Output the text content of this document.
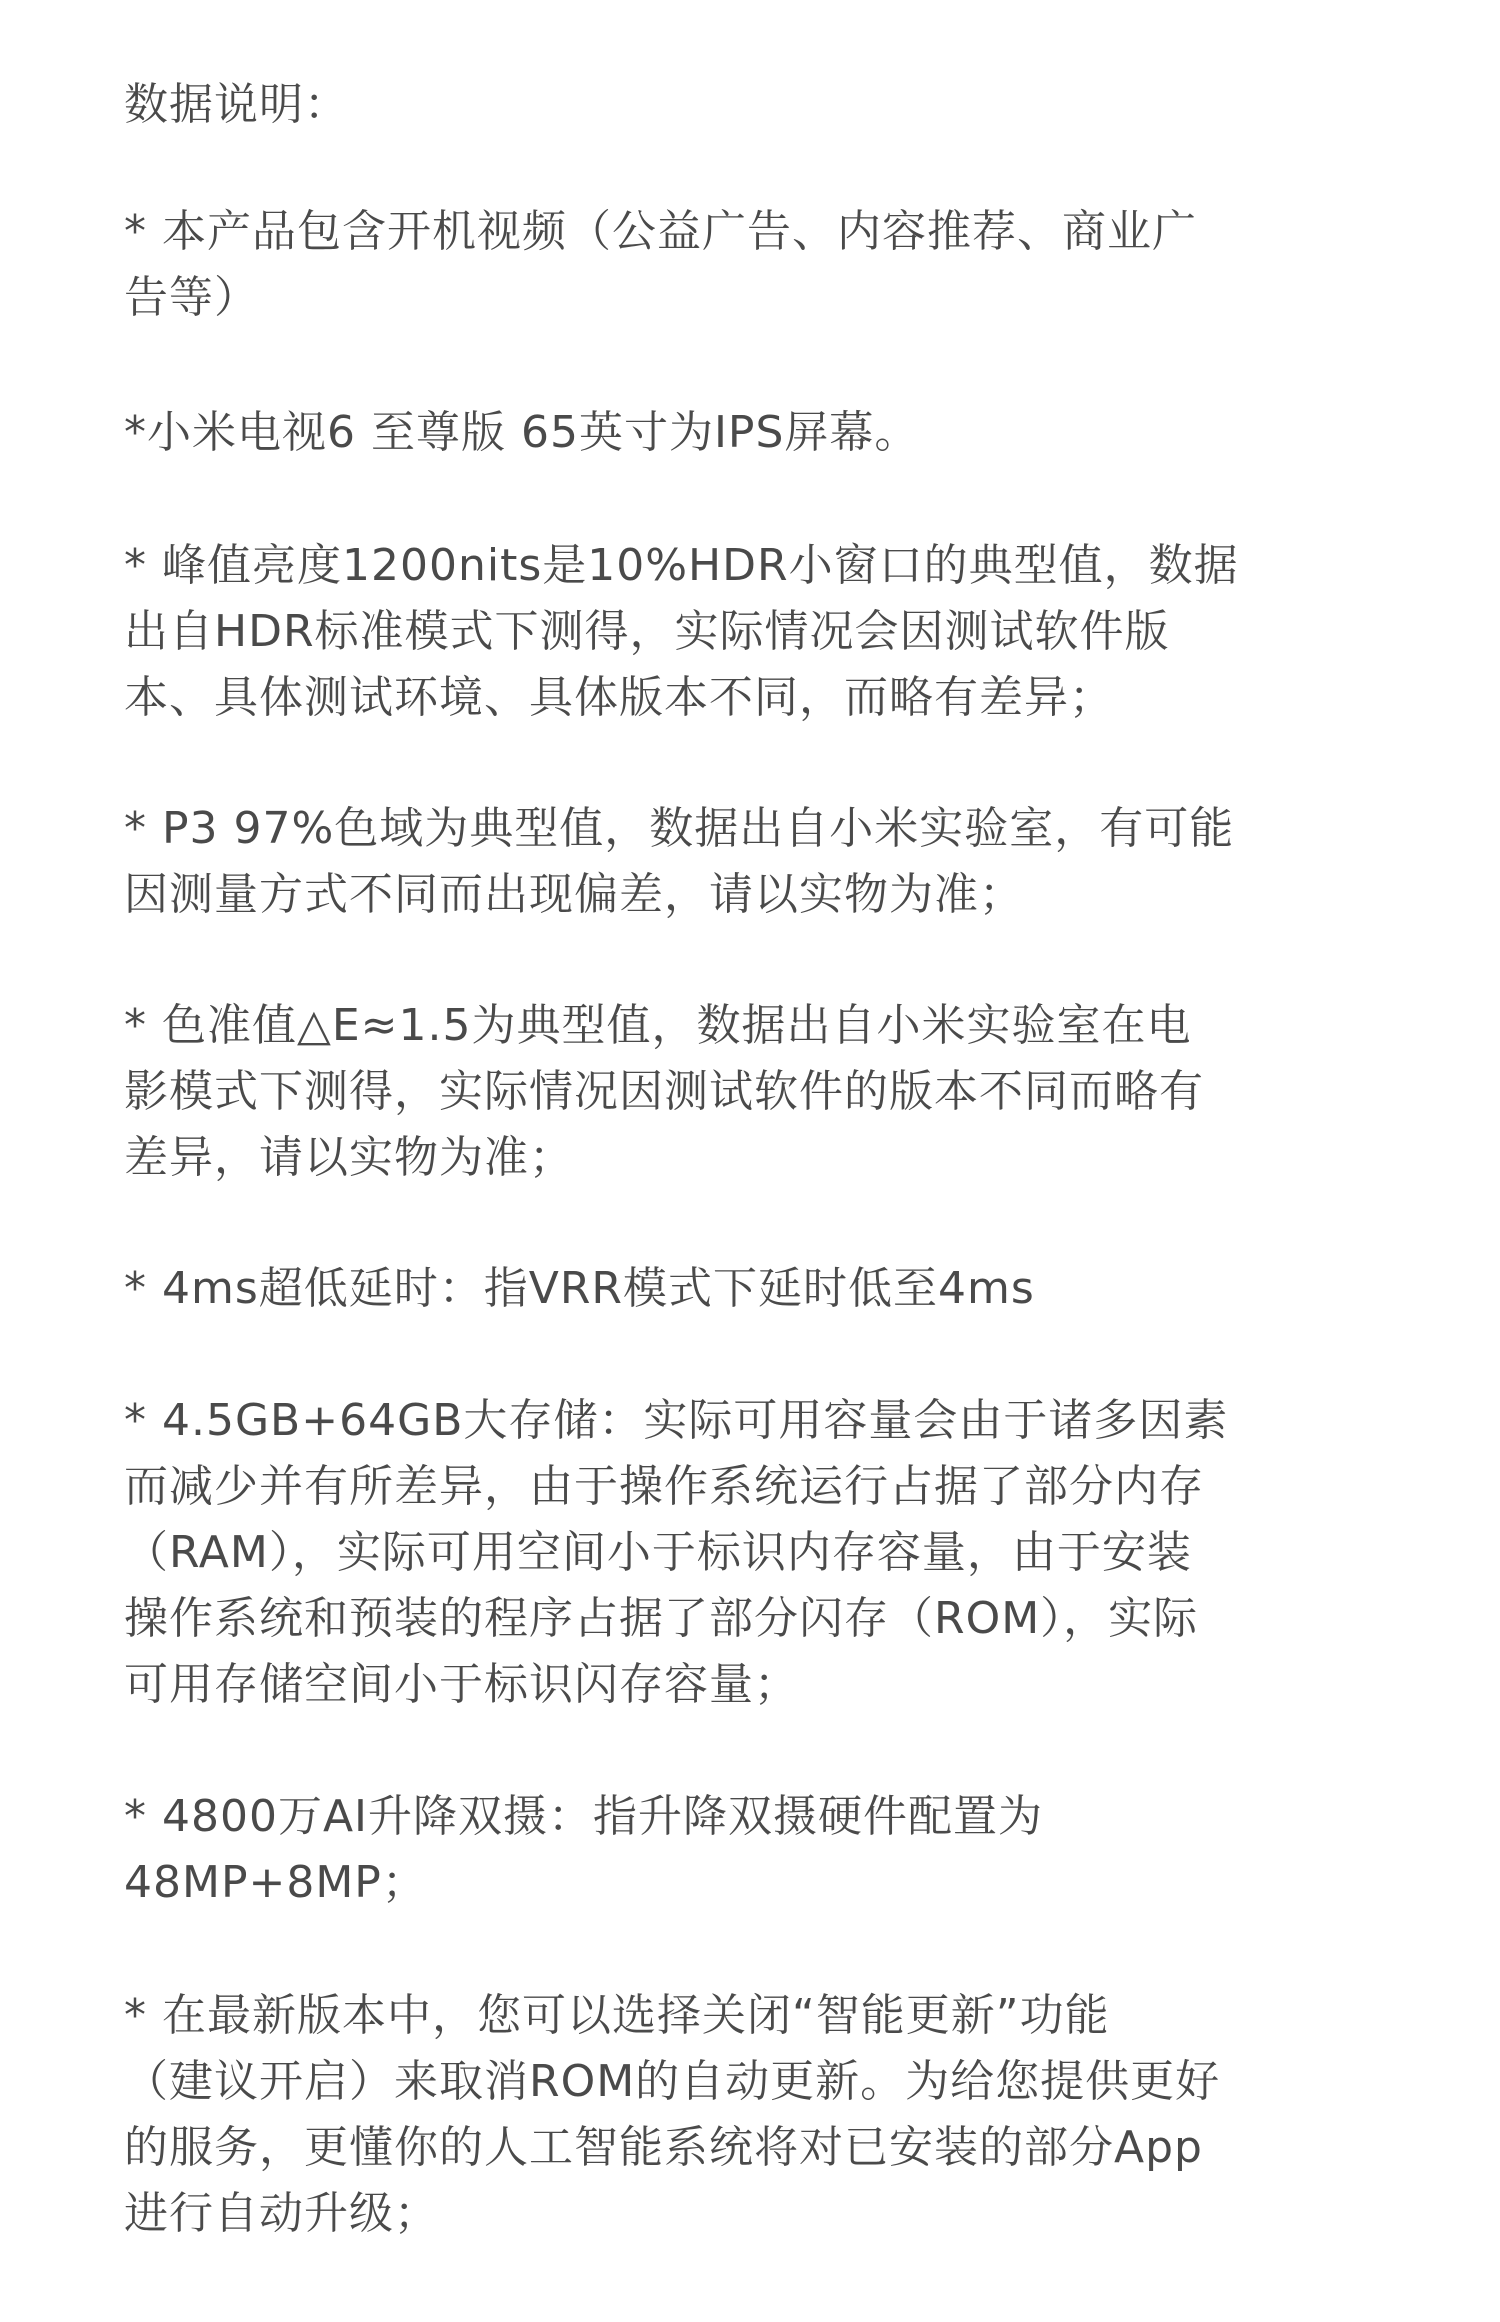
数据说明：
* 本产品包含开机视频（公益广告、内容推荐、商业广
告等）
*小米电视6 至尊版 65英寸为IPS屏幕。
* 峰值亮度1200nits是10%HDR小窗口的典型值，数据
出自HDR标准模式下测得，实际情况会因测试软件版
本、具体测试环境、具体版本不同，而略有差异；
* P3 97%色域为典型值，数据出自小米实验室，有可能
因测量方式不同而出现偏差，请以实物为准；
* 色准值△E≈1.5为典型值，数据出自小米实验室在电
影模式下测得，实际情况因测试软件的版本不同而略有
差异，请以实物为准；
* 4ms超低延时：指VRR模式下延时低至4ms
* 4.5GB+64GB大存储：实际可用容量会由于诸多因素
而减少并有所差异，由于操作系统运行占据了部分内存
（RAM），实际可用空间小于标识内存容量，由于安装
操作系统和预装的程序占据了部分闪存（ROM），实际
可用存储空间小于标识闪存容量；
* 4800万AI升降双摄：指升降双摄硬件配置为
48MP+8MP；
* 在最新版本中，您可以选择关闭“智能更新”功能
（建议开启）来取消ROM的自动更新。为给您提供更好
的服务，更懂你的人工智能系统将对已安装的部分App
进行自动升级；
